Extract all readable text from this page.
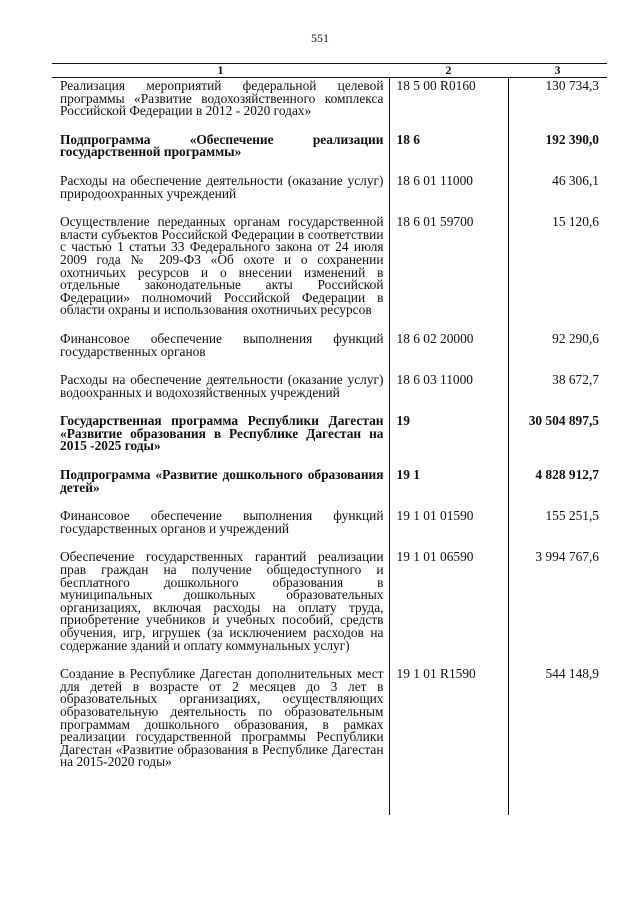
551
1	2	3
Реализация мероприятий федеральной целевой программы «Развитие водохозяйственного комплекса Российской Федерации в 2012 - 2020 годах»	18 5 00 R0160	130 734,3
Подпрограмма «Обеспечение реализации государственной программы»	18 6	192 390,0
Расходы на обеспечение деятельности (оказание услуг) природоохранных учреждений	18 6 01 11000	46 306,1
Осуществление переданных органам государственной власти субъектов Российской Федерации в соответствии с частью 1 статьи 33 Федерального закона от 24 июля 2009 года № 209-ФЗ «Об охоте и о сохранении охотничьих ресурсов и о внесении изменений в отдельные законодательные акты Российской Федерации» полномочий Российской Федерации в области охраны и использования охотничьих ресурсов	18 6 01 59700	15 120,6
Финансовое обеспечение выполнения функций государственных органов	18 6 02 20000	92 290,6
Расходы на обеспечение деятельности (оказание услуг) водоохранных и водохозяйственных учреждений	18 6 03 11000	38 672,7
Государственная программа Республики Дагестан «Развитие образования в Республике Дагестан на 2015 -2025 годы»	19	30 504 897,5
Подпрограмма «Развитие дошкольного образования детей»	19 1	4 828 912,7
Финансовое обеспечение выполнения функций государственных органов и учреждений	19 1 01 01590	155 251,5
Обеспечение государственных гарантий реализации прав граждан на получение общедоступного и бесплатного дошкольного образования в муниципальных дошкольных образовательных организациях, включая расходы на оплату труда, приобретение учебников и учебных пособий, средств обучения, игр, игрушек (за исключением расходов на содержание зданий и оплату коммунальных услуг)	19 1 01 06590	3 994 767,6
Создание в Республике Дагестан дополнительных мест для детей в возрасте от 2 месяцев до 3 лет в образовательных организациях, осуществляющих образовательную деятельность по образовательным программам дошкольного образования, в рамках реализации государственной программы Республики Дагестан «Развитие образования в Республике Дагестан на 2015-2020 годы»	19 1 01 R1590	544 148,9
